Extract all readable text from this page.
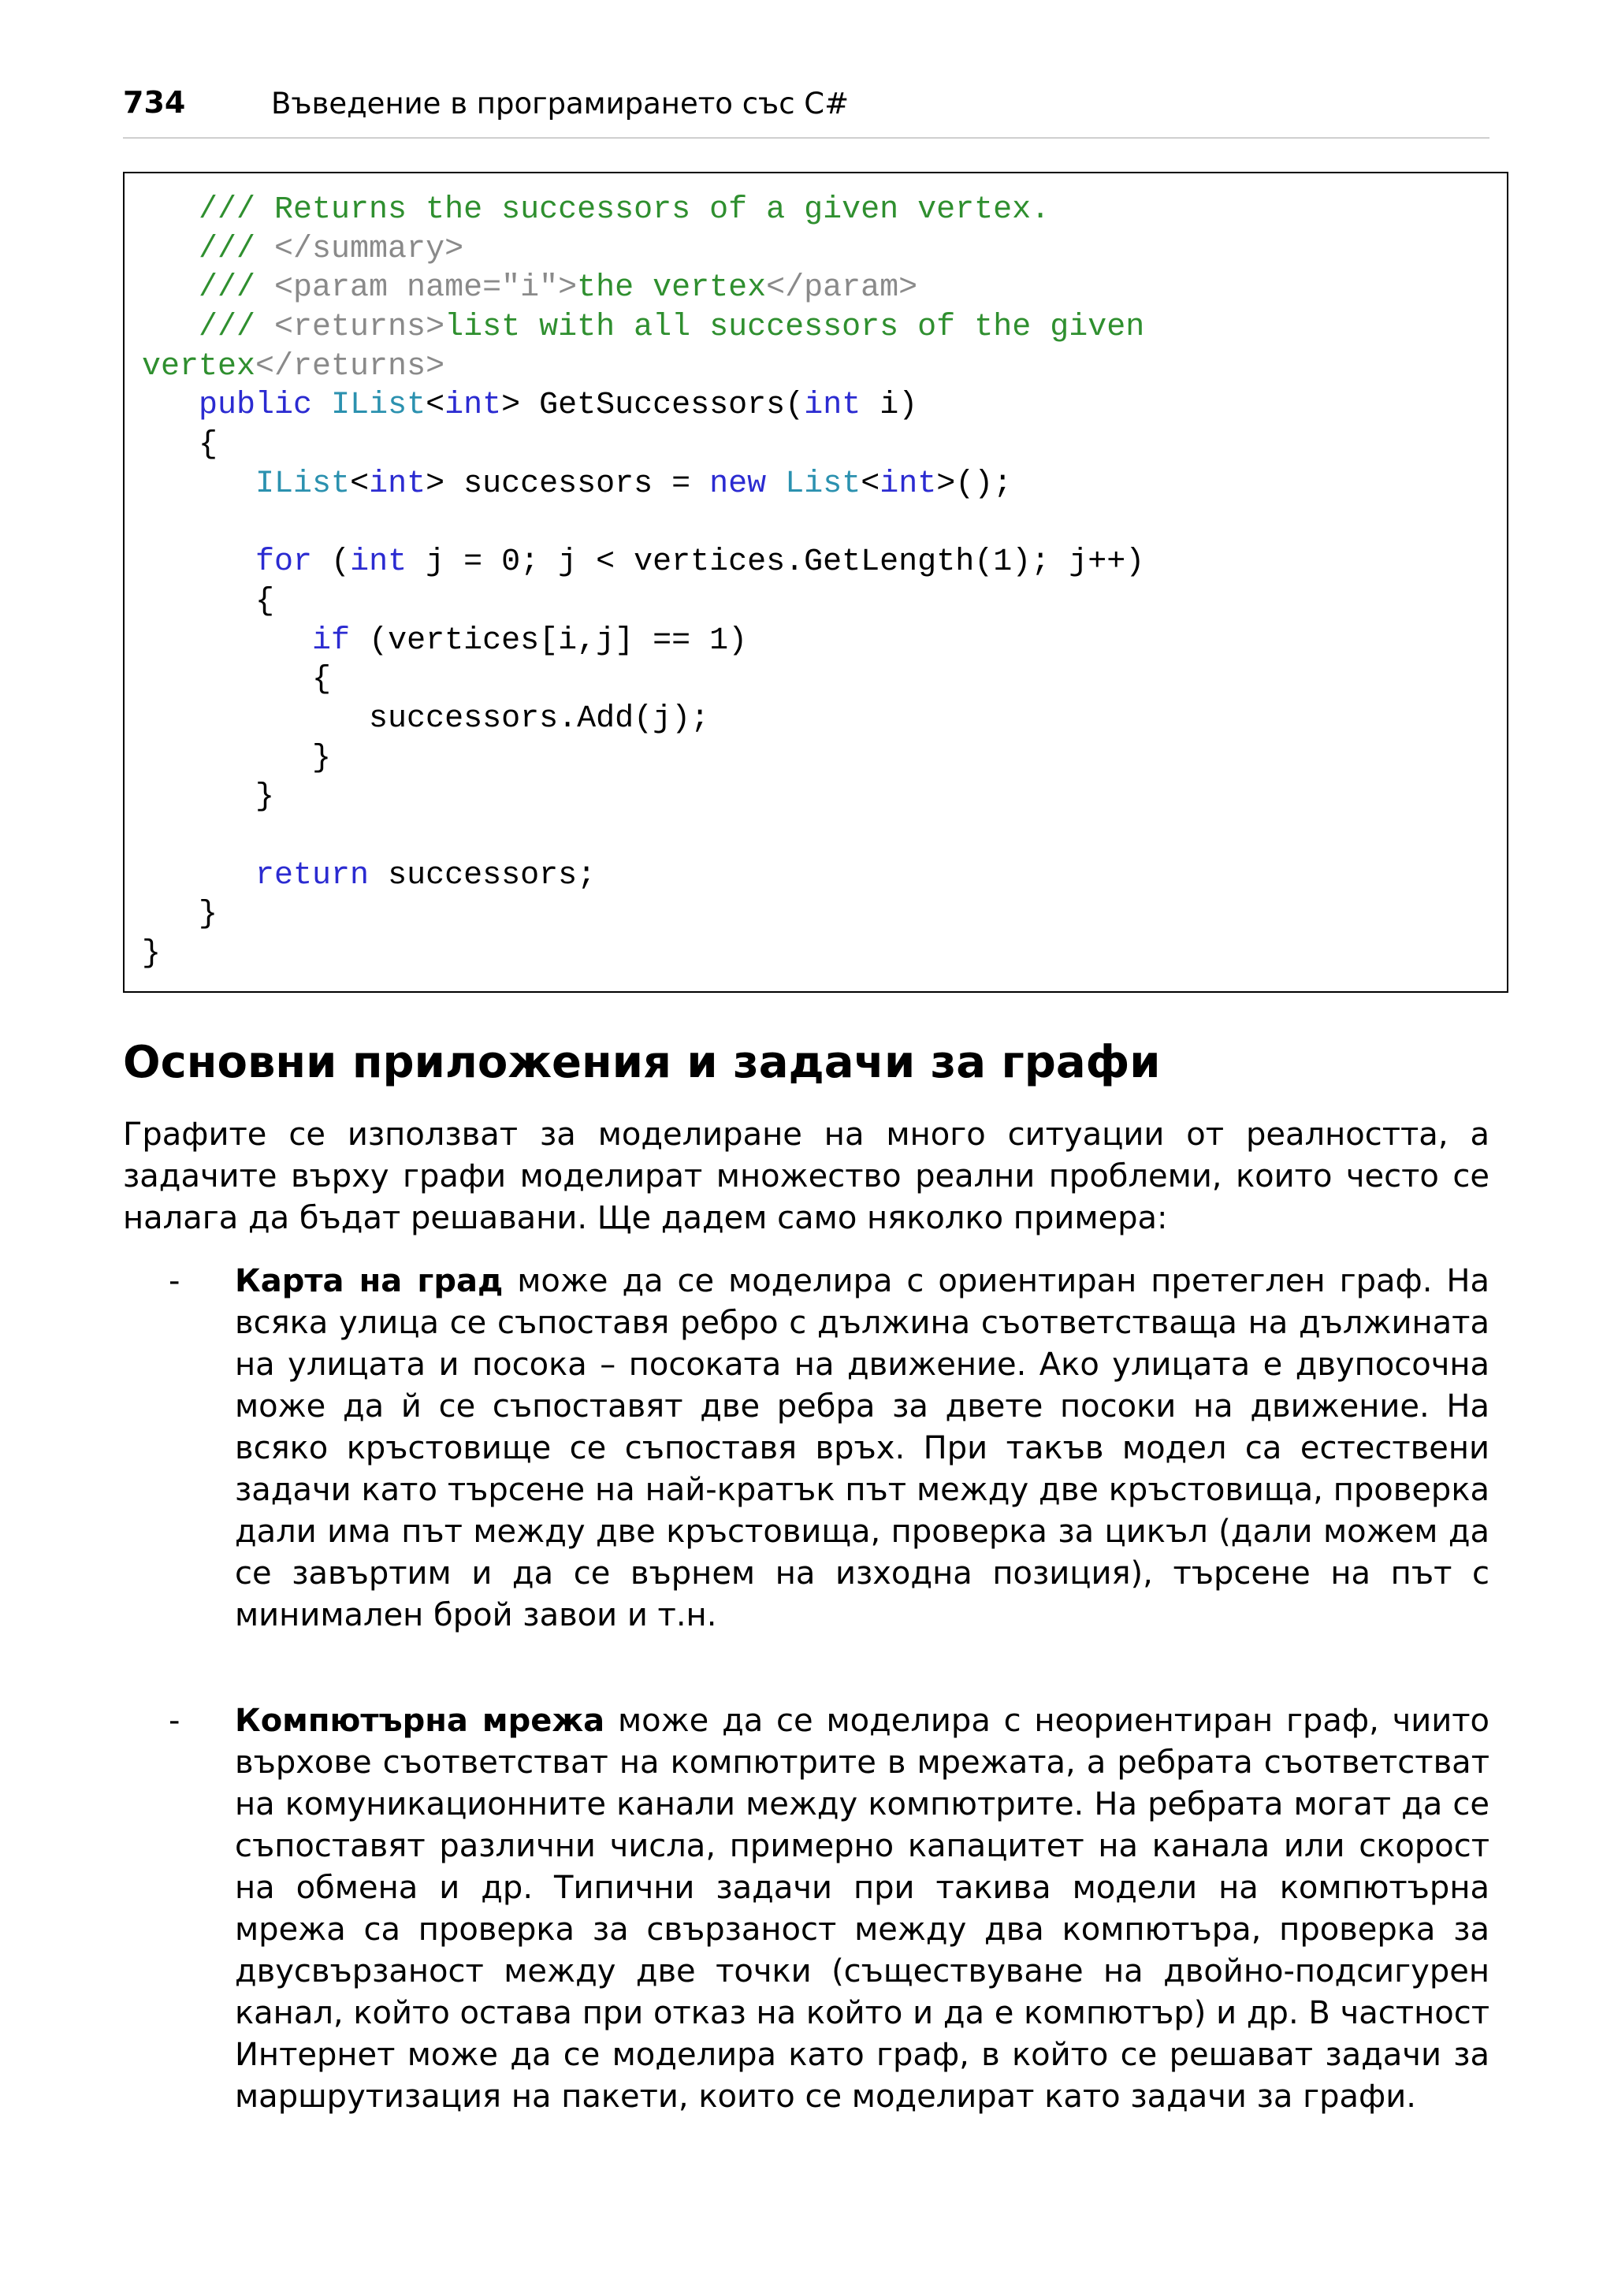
734	Въведение в програмирането със C#
/// Returns the successors of a given vertex.
/// </summary>
/// <param name="i">the vertex</param>
/// <returns>list with all successors of the given
vertex</returns>
public IList<int> GetSuccessors(int i)
{
IList<int> successors = new List<int>();
for (int j = 0; j < vertices.GetLength(1); j++)
{
if (vertices[i,j] == 1)
{
successors.Add(j);
}
}
return successors;
}
}
Основни приложения и задачи за графи
Графите се използват за моделиране на много ситуации от реалността, а задачите върху графи моделират множество реални проблеми, които често се налага да бъдат решавани. Ще дадем само няколко примера:
- Карта на град може да се моделира с ориентиран претеглен граф. На всяка улица се съпоставя ребро с дължина съответстваща на дължината на улицата и посока – посоката на движение. Ако улицата е двупосочна може да й се съпоставят две ребра за двете посоки на движение. На всяко кръстовище се съпоставя връх. При такъв модел са естествени задачи като търсене на най-кратък път между две кръстовища, проверка дали има път между две кръстовища, проверка за цикъл (дали можем да се завъртим и да се върнем на изходна позиция), търсене на път с минимален брой завои и т.н.
- Компютърна мрежа може да се моделира с неориентиран граф, чиито върхове съответстват на компютрите в мрежата, а ребрата съответстват на комуникационните канали между компютрите. На ребрата могат да се съпоставят различни числа, примерно капацитет на канала или скорост на обмена и др. Типични задачи при такива модели на компютърна мрежа са проверка за свързаност между два компютъра, проверка за двусвързаност между две точки (съществуване на двойно-подсигурен канал, който остава при отказ на който и да е компютър) и др. В частност Интернет може да се моделира като граф, в който се решават задачи за маршрутизация на пакети, които се моделират като задачи за графи.
